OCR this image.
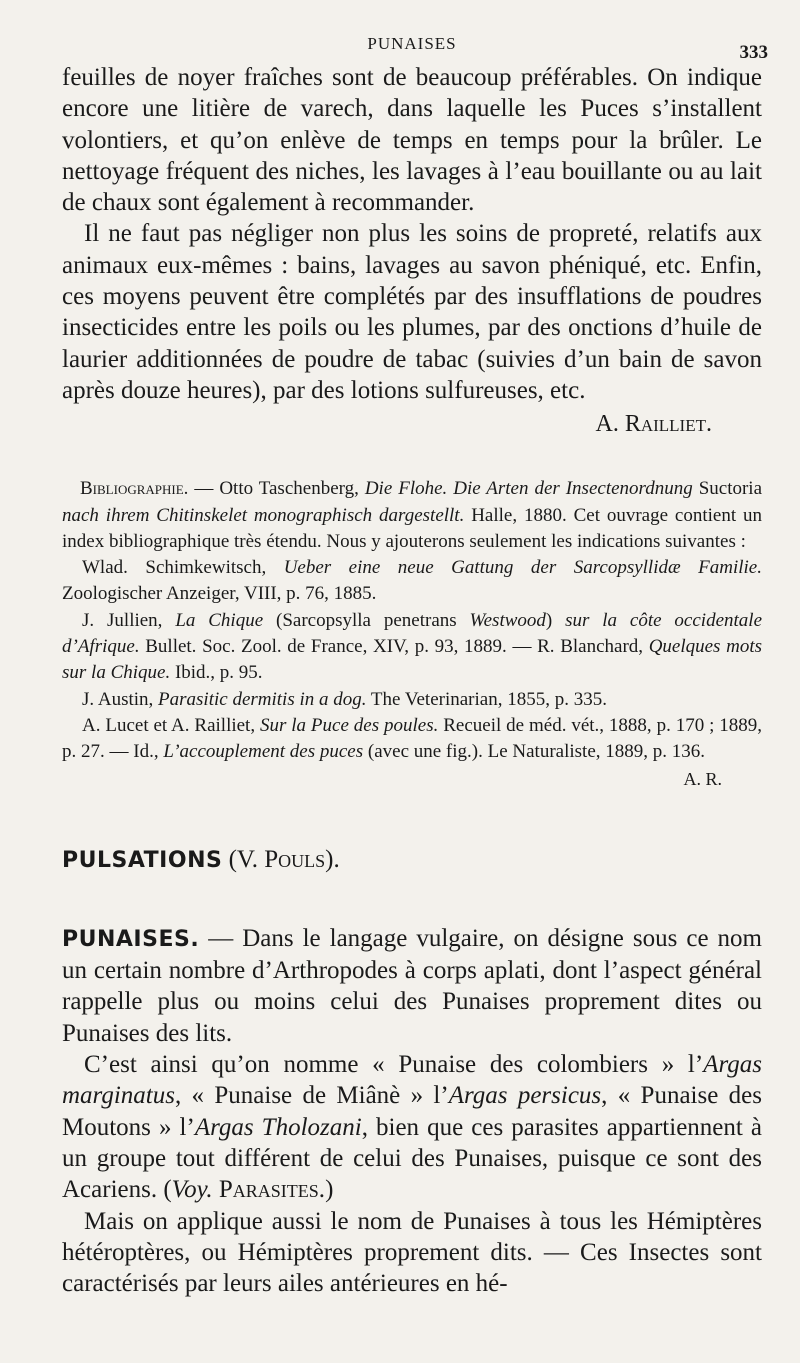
PUNAISES	333

feuilles de noyer fraîches sont de beaucoup préférables. On indique encore une litière de varech, dans laquelle les Puces s’installent volontiers, et qu’on enlève de temps en temps pour la brûler. Le nettoyage fréquent des niches, les lavages à l’eau bouillante ou au lait de chaux sont également à recommander.

Il ne faut pas négliger non plus les soins de propreté, relatifs aux animaux eux-mêmes : bains, lavages au savon phéniqué, etc. Enfin, ces moyens peuvent être complétés par des insufflations de poudres insecticides entre les poils ou les plumes, par des onctions d’huile de laurier additionnées de poudre de tabac (suivies d’un bain de savon après douze heures), par des lotions sulfureuses, etc.

A. Railliet.

Bibliographie. — Otto Taschenberg, Die Flohe. Die Arten der Insectenordnung Suctoria nach ihrem Chitinskelet monographisch dargestellt. Halle, 1880. Cet ouvrage contient un index bibliographique très étendu. Nous y ajouterons seulement les indications suivantes :

Wlad. Schimkewitsch, Ueber eine neue Gattung der Sarcopsyllidæ Familie. Zoologischer Anzeiger, VIII, p. 76, 1885.

J. Jullien, La Chique (Sarcopsylla penetrans Westwood) sur la côte occidentale d’Afrique. Bullet. Soc. Zool. de France, XIV, p. 93, 1889. — R. Blanchard, Quelques mots sur la Chique. Ibid., p. 95.

J. Austin, Parasitic dermitis in a dog. The Veterinarian, 1855, p. 335.

A. Lucet et A. Railliet, Sur la Puce des poules. Recueil de méd. vét., 1888, p. 170 ; 1889, p. 27. — Id., L’accouplement des puces (avec une fig.). Le Naturaliste, 1889, p. 136.

A. R.
PULSATIONS (V. Pouls).

PUNAISES. — Dans le langage vulgaire, on désigne sous ce nom un certain nombre d’Arthropodes à corps aplati, dont l’aspect général rappelle plus ou moins celui des Punaises proprement dites ou Punaises des lits.

C’est ainsi qu’on nomme « Punaise des colombiers » l’Argas marginatus, « Punaise de Miânè » l’Argas persicus, « Punaise des Moutons » l’Argas Tholozani, bien que ces parasites appartiennent à un groupe tout différent de celui des Punaises, puisque ce sont des Acariens. (Voy. Parasites.)

Mais on applique aussi le nom de Punaises à tous les Hémiptères hétéroptères, ou Hémiptères proprement dits. — Ces Insectes sont caractérisés par leurs ailes antérieures en hé-
